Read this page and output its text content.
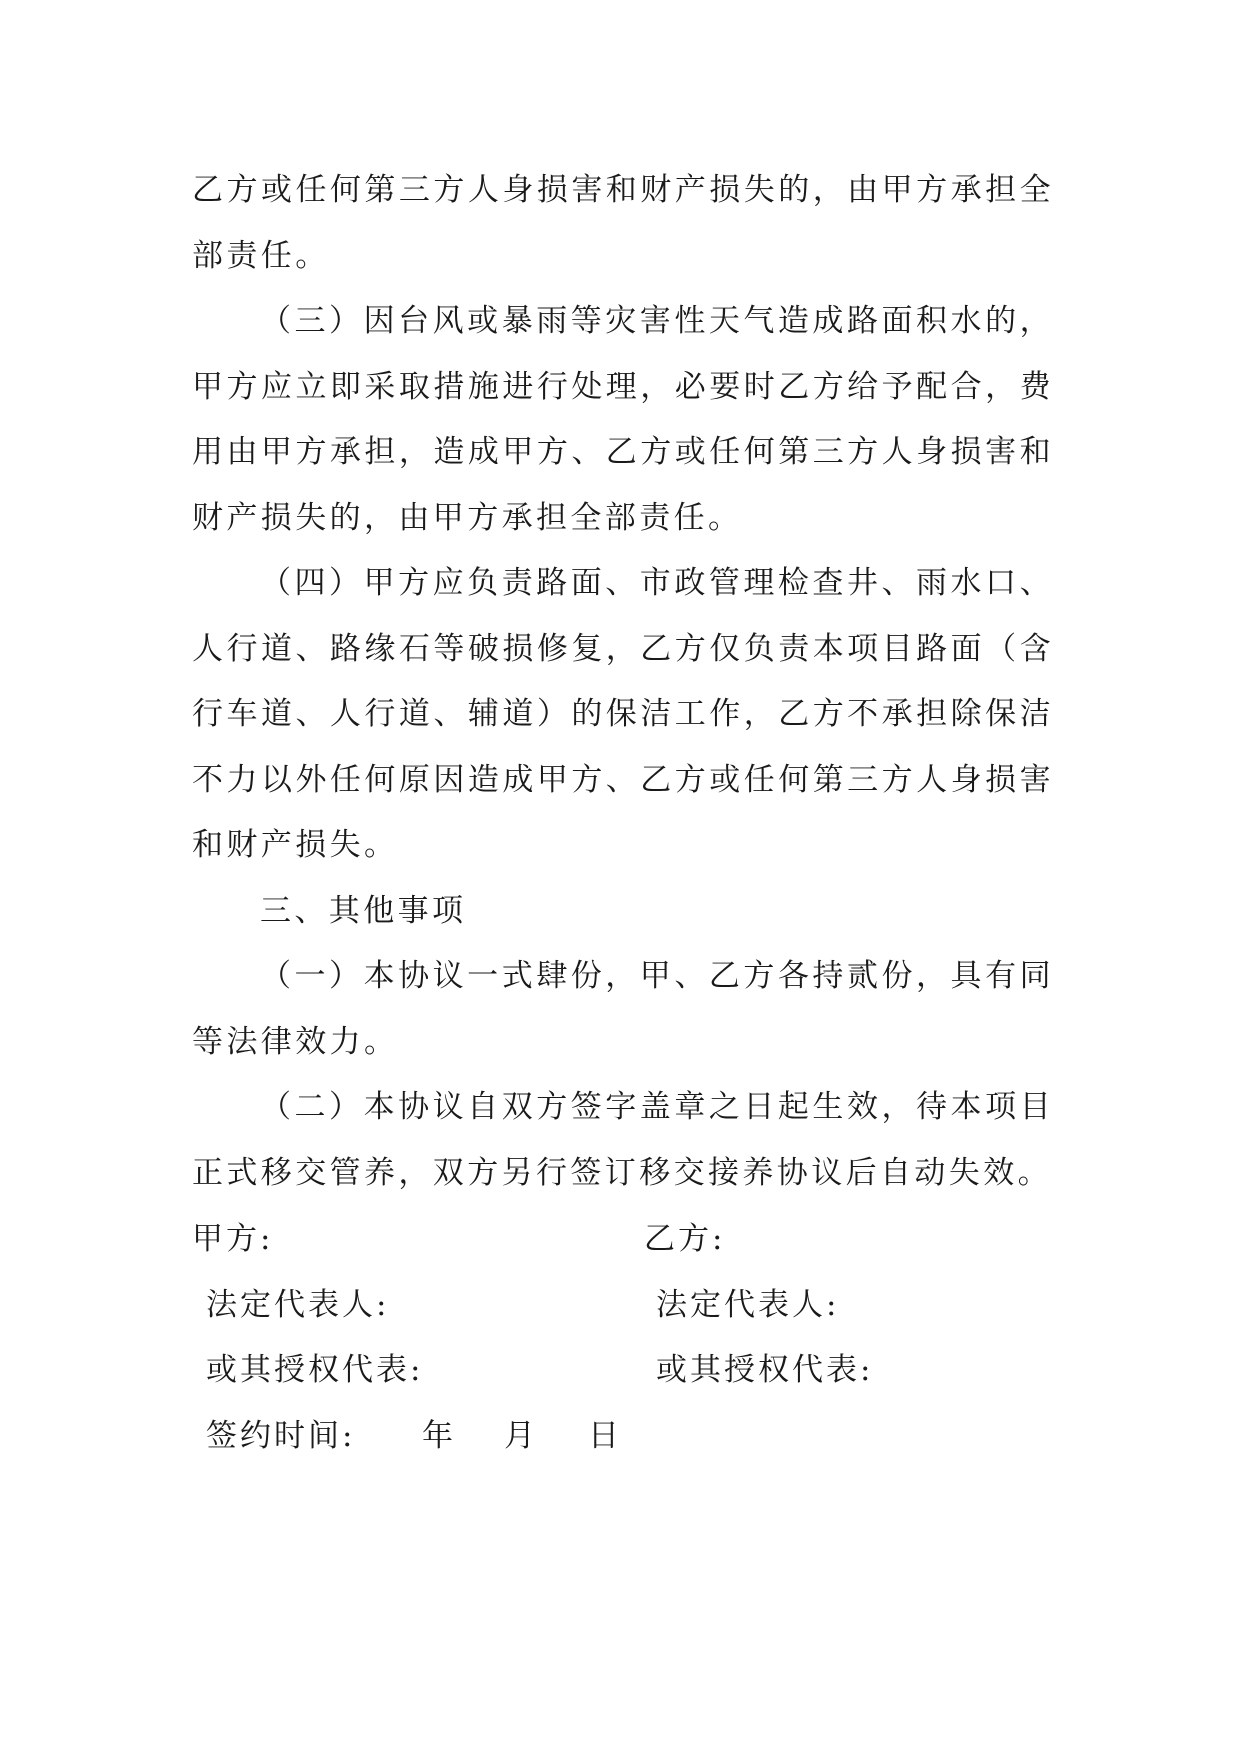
乙方或任何第三方人身损害和财产损失的，由甲方承担全部责任。

（三）因台风或暴雨等灾害性天气造成路面积水的，甲方应立即采取措施进行处理，必要时乙方给予配合，费用由甲方承担，造成甲方、乙方或任何第三方人身损害和财产损失的，由甲方承担全部责任。

（四）甲方应负责路面、市政管理检查井、雨水口、人行道、路缘石等破损修复，乙方仅负责本项目路面（含行车道、人行道、辅道）的保洁工作，乙方不承担除保洁不力以外任何原因造成甲方、乙方或任何第三方人身损害和财产损失。

三、其他事项

（一）本协议一式肆份，甲、乙方各持贰份，具有同等法律效力。

（二）本协议自双方签字盖章之日起生效，待本项目正式移交管养，双方另行签订移交接养协议后自动失效。

甲方:	乙方:
法定代表人:	法定代表人:
或其授权代表:	或其授权代表:
签约时间: 年 月 日
